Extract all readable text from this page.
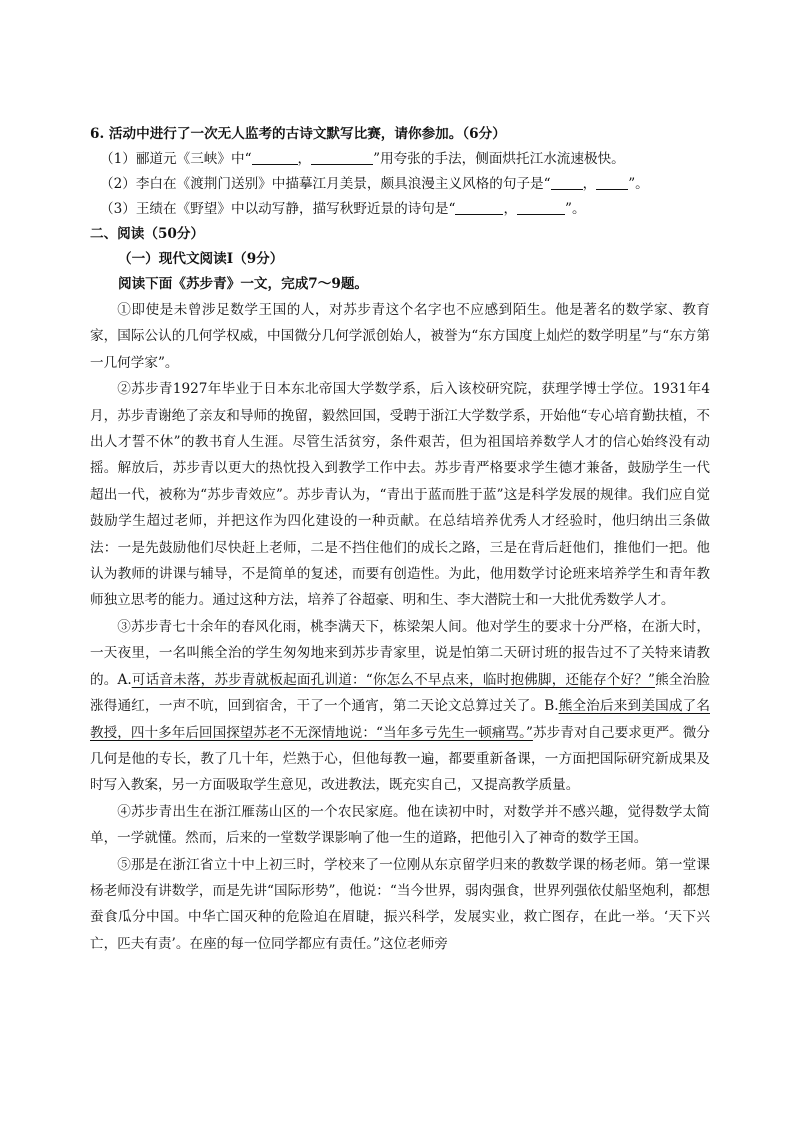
6. 活动中进行了一次无人监考的古诗文默写比赛，请你参加。（6分）
（1）郦道元《三峡》中“	，	”用夸张的手法，侧面烘托江水流速极快。
（2）李白在《渡荆门送别》中描摹江月美景，颇具浪漫主义风格的句子是“ ， ”。
（3）王绩在《野望》中以动写静，描写秋野近景的诗句是“	，	”。
二、阅读（50分）
（一）现代文阅读Ⅰ（9分）
阅读下面《苏步青》一文，完成7～9题。

①即使是未曾涉足数学王国的人，对苏步青这个名字也不应感到陌生。他是著名的数学家、教育家，国际公认的几何学权威，中国微分几何学派创始人，被誉为“东方国度上灿烂的数学明星”与“东方第一几何学家”。

②苏步青1927年毕业于日本东北帝国大学数学系，后入该校研究院，获理学博士学位。1931年4月，苏步青谢绝了亲友和导师的挽留，毅然回国，受聘于浙江大学数学系，开始他“专心培育勤扶植，不出人才誓不休”的教书育人生涯。尽管生活贫穷，条件艰苦，但为祖国培养数学人才的信心始终没有动摇。解放后，苏步青以更大的热忱投入到教学工作中去。苏步青严格要求学生德才兼备，鼓励学生一代超出一代，被称为“苏步青效应”。苏步青认为，“青出于蓝而胜于蓝”这是科学发展的规律。我们应自觉鼓励学生超过老师，并把这作为四化建设的一种贡献。在总结培养优秀人才经验时，他归纳出三条做法：一是先鼓励他们尽快赶上老师，二是不挡住他们的成长之路，三是在背后赶他们，推他们一把。他认为教师的讲课与辅导，不是简单的复述，而要有创造性。为此，他用数学讨论班来培养学生和青年教师独立思考的能力。通过这种方法，培养了谷超豪、明和生、李大潜院士和一大批优秀数学人才。

③苏步青七十余年的春风化雨，桃李满天下，栋梁架人间。他对学生的要求十分严格，在浙大时，一天夜里，一名叫熊全治的学生匆匆地来到苏步青家里，说是怕第二天研讨班的报告过不了关特来请教的。A.可话音未落，苏步青就板起面孔训道：“你怎么不早点来，临时抱佛脚，还能存个好？”熊全治脸涨得通红，一声不吭，回到宿舍，干了一个通宵，第二天论文总算过关了。B.熊全治后来到美国成了名教授，四十多年后回国探望苏老不无深情地说：“当年多亏先生一顿痛骂。”苏步青对自己要求更严。微分几何是他的专长，教了几十年，烂熟于心，但他每教一遍，都要重新备课，一方面把国际研究新成果及时写入教案，另一方面吸取学生意见，改进教法，既充实自己，又提高教学质量。

④苏步青出生在浙江雁荡山区的一个农民家庭。他在读初中时，对数学并不感兴趣，觉得数学太简单，一学就懂。然而，后来的一堂数学课影响了他一生的道路，把他引入了神奇的数学王国。

⑤那是在浙江省立十中上初三时，学校来了一位刚从东京留学归来的教数学课的杨老师。第一堂课杨老师没有讲数学，而是先讲“国际形势”，他说：“当今世界，弱肉强食，世界列强依仗船坚炮利，都想蚕食瓜分中国。中华亡国灭种的危险迫在眉睫，振兴科学，发展实业，救亡图存，在此一举。‘天下兴亡，匹夫有责’。在座的每一位同学都应有责任。”这位老师旁
